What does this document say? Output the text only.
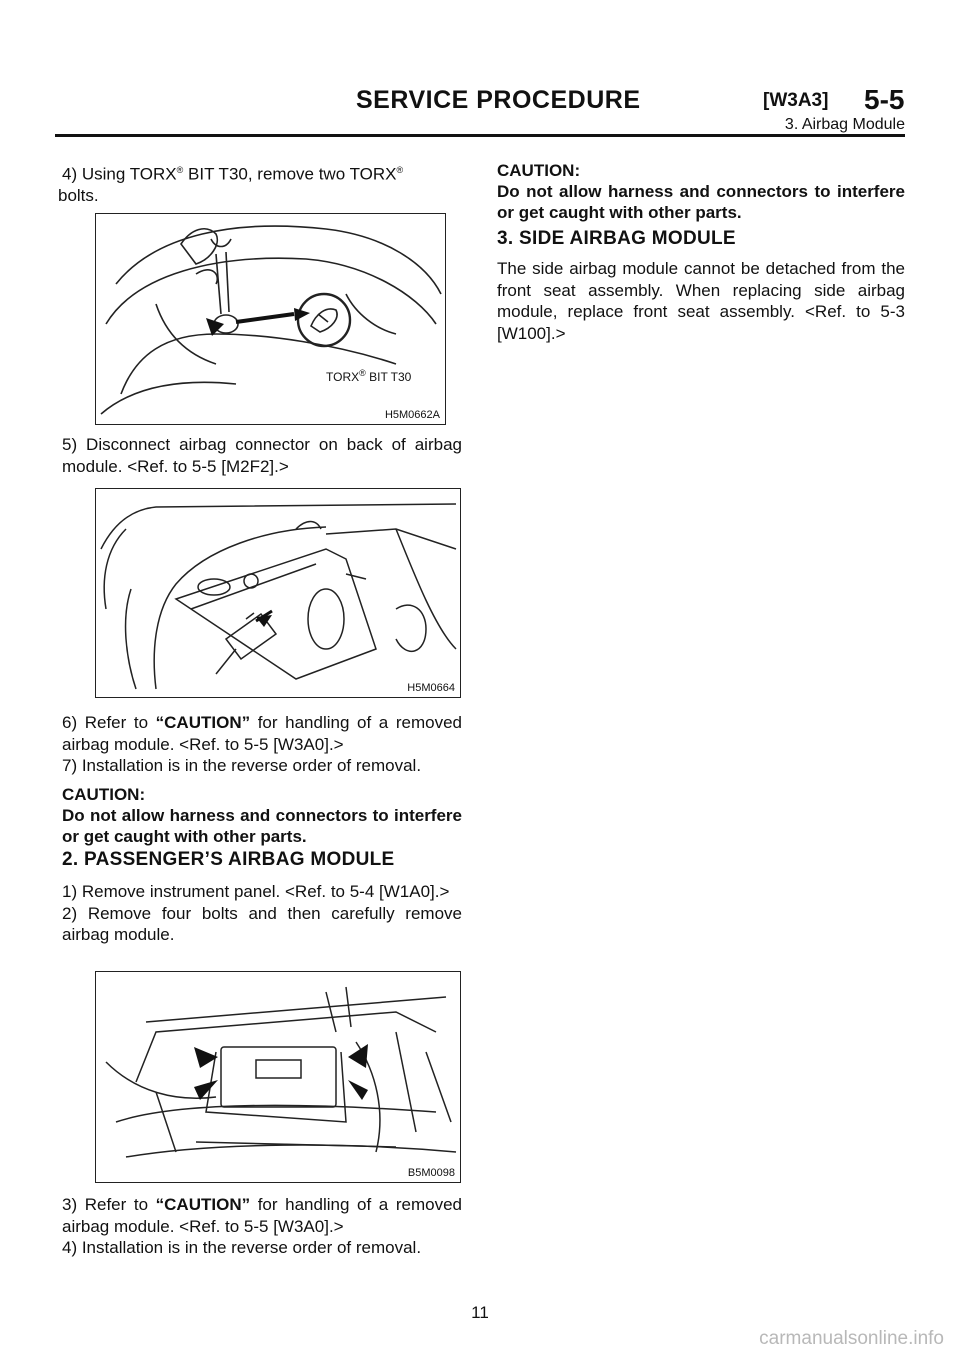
SERVICE PROCEDURE	[W3A3] 5-5
3. Airbag Module

4) Using TORX® BIT T30, remove two TORX®
bolts.

TORX® BIT T30
H5M0662A

5) Disconnect airbag connector on back of airbag module. <Ref. to 5-5 [M2F2].>

H5M0664

6) Refer to “CAUTION” for handling of a removed airbag module. <Ref. to 5-5 [W3A0].>

7) Installation is in the reverse order of removal.

CAUTION:

Do not allow harness and connectors to interfere or get caught with other parts.

2. PASSENGER’S AIRBAG MODULE

1) Remove instrument panel. <Ref. to 5-4 [W1A0].>

2) Remove four bolts and then carefully remove airbag module.

B5M0098

3) Refer to “CAUTION” for handling of a removed airbag module. <Ref. to 5-5 [W3A0].>

4) Installation is in the reverse order of removal.

CAUTION:

Do not allow harness and connectors to interfere or get caught with other parts.

3. SIDE AIRBAG MODULE

The side airbag module cannot be detached from the front seat assembly. When replacing side airbag module, replace front seat assembly. <Ref. to 5-3 [W100].>

11
carmanualsonline.info
